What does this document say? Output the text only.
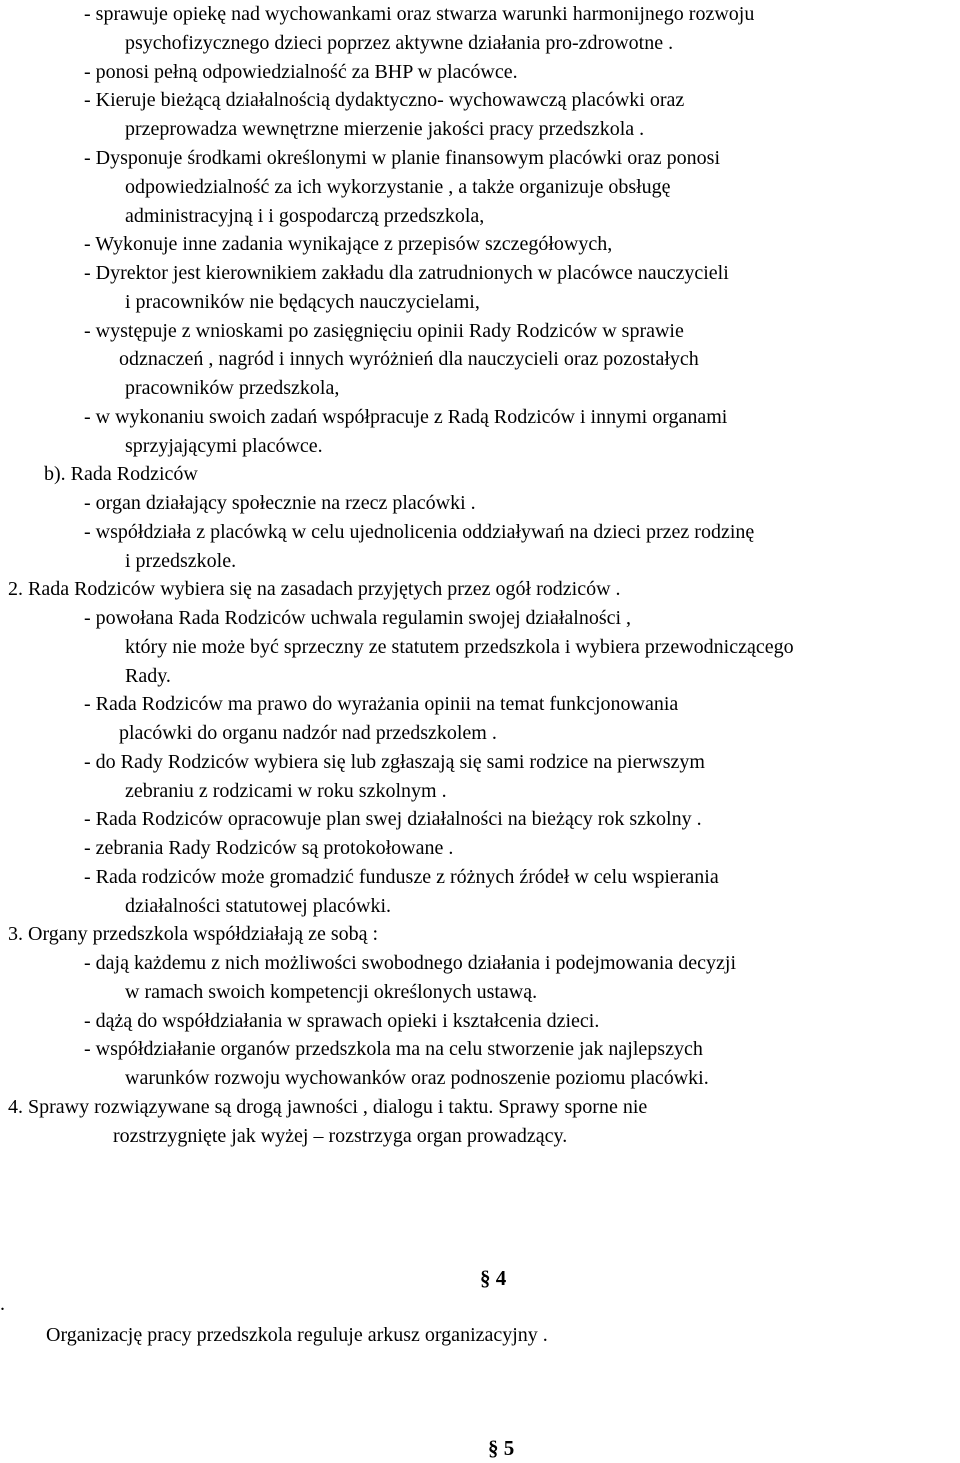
- sprawuje opiekę nad wychowankami oraz stwarza warunki harmonijnego rozwoju
psychofizycznego dzieci poprzez aktywne działania pro-zdrowotne .
- ponosi pełną odpowiedzialność za BHP w placówce.
- Kieruje bieżącą działalnością dydaktyczno- wychowawczą placówki oraz
przeprowadza wewnętrzne mierzenie jakości pracy przedszkola .
- Dysponuje środkami określonymi w planie finansowym placówki oraz ponosi
odpowiedzialność za ich wykorzystanie , a także organizuje obsługę
administracyjną i i gospodarczą przedszkola,
- Wykonuje inne zadania wynikające z przepisów szczegółowych,
- Dyrektor jest kierownikiem zakładu dla zatrudnionych w placówce nauczycieli
i pracowników nie będących nauczycielami,
- występuje z wnioskami po zasięgnięciu opinii Rady Rodziców w sprawie
odznaczeń , nagród i innych wyróżnień dla nauczycieli oraz pozostałych
pracowników przedszkola,
- w wykonaniu swoich zadań współpracuje z Radą Rodziców i innymi organami
sprzyjającymi placówce.
b). Rada Rodziców
- organ działający społecznie na rzecz placówki .
- współdziała z placówką w celu ujednolicenia oddziaływań na dzieci przez rodzinę
i przedszkole.
2. Rada Rodziców wybiera się na zasadach przyjętych przez ogół rodziców .
- powołana Rada Rodziców uchwala regulamin swojej działalności ,
który nie może być sprzeczny ze statutem przedszkola i wybiera przewodniczącego
Rady.
- Rada Rodziców ma prawo do wyrażania opinii na temat funkcjonowania
placówki do organu nadzór nad przedszkolem .
- do Rady Rodziców wybiera się lub zgłaszają się sami rodzice na pierwszym
zebraniu z rodzicami w roku szkolnym .
- Rada Rodziców opracowuje plan swej działalności na bieżący rok szkolny .
- zebrania Rady Rodziców są protokołowane .
- Rada rodziców może gromadzić fundusze z różnych źródeł w celu wspierania
działalności statutowej placówki.
3. Organy przedszkola współdziałają ze sobą :
- dają każdemu z nich możliwości swobodnego działania i podejmowania decyzji
w ramach swoich kompetencji określonych ustawą.
- dążą do współdziałania w sprawach opieki i kształcenia dzieci.
- współdziałanie organów przedszkola ma na celu stworzenie jak najlepszych
warunków rozwoju wychowanków oraz podnoszenie poziomu placówki.
4. Sprawy rozwiązywane są drogą jawności , dialogu i taktu. Sprawy sporne nie
rozstrzygnięte jak wyżej – rozstrzyga organ prowadzący.
§ 4
.
Organizację pracy przedszkola reguluje arkusz organizacyjny .
§ 5
